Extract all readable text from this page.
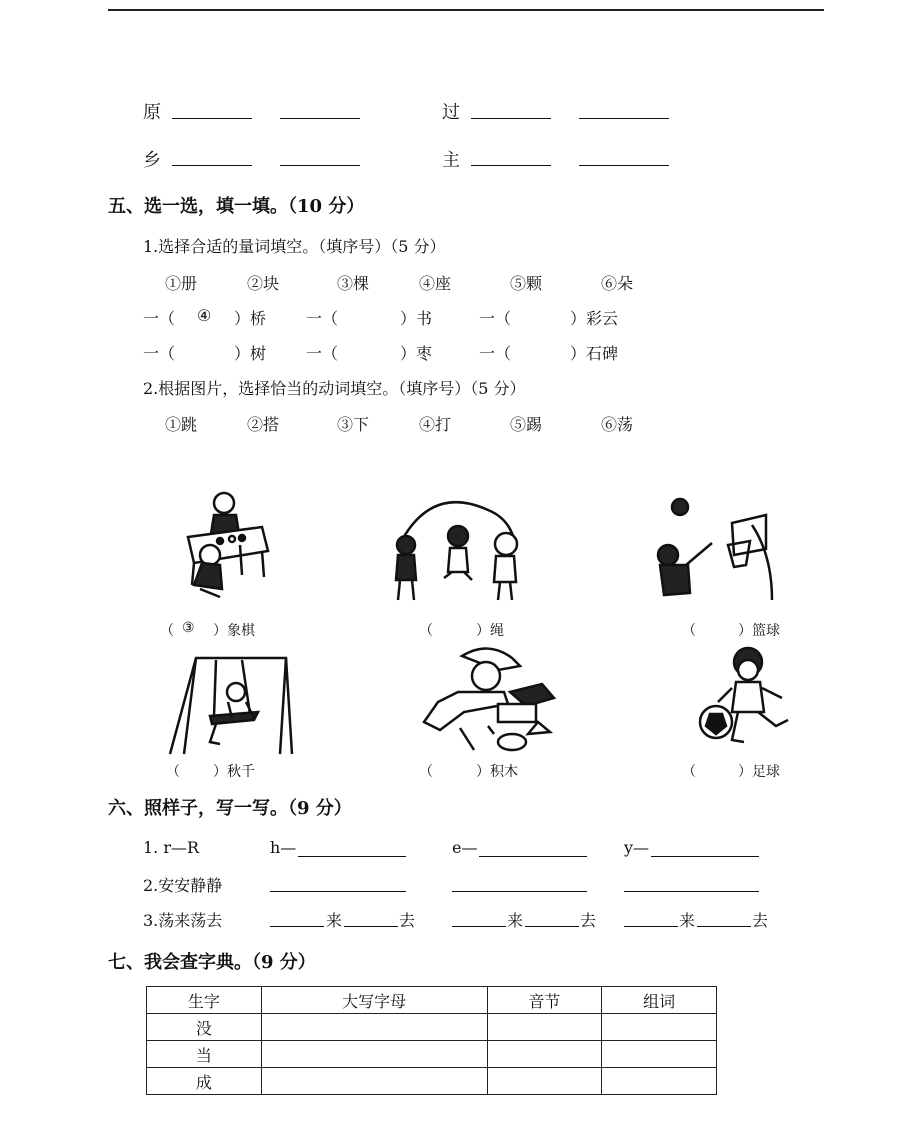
原	过
乡	主
五、选一选，填一填。（10 分）
1.选择合适的量词填空。（填序号）（5 分）
①册	②块	③棵	④座	⑤颗	⑥朵
一（ ④ ）桥 一（	）书	一（	）彩云
一（	）树 一（	）枣	一（	）石碑
2.根据图片，选择恰当的动词填空。（填序号）（5 分）
①跳	②搭	③下	④打	⑤踢	⑥荡
（ ③ ）象棋	（	）绳	（	）篮球
（ ）秋千	（	）积木	（	）足球
六、照样子，写一写。（9 分）
1. r—R	h—	e—	y—
2.安安静静
3.荡来荡去	来	去	来	去	来	去
七、我会查字典。（9 分）
生字	大写字母	音节	组词
没			
当			
成			
